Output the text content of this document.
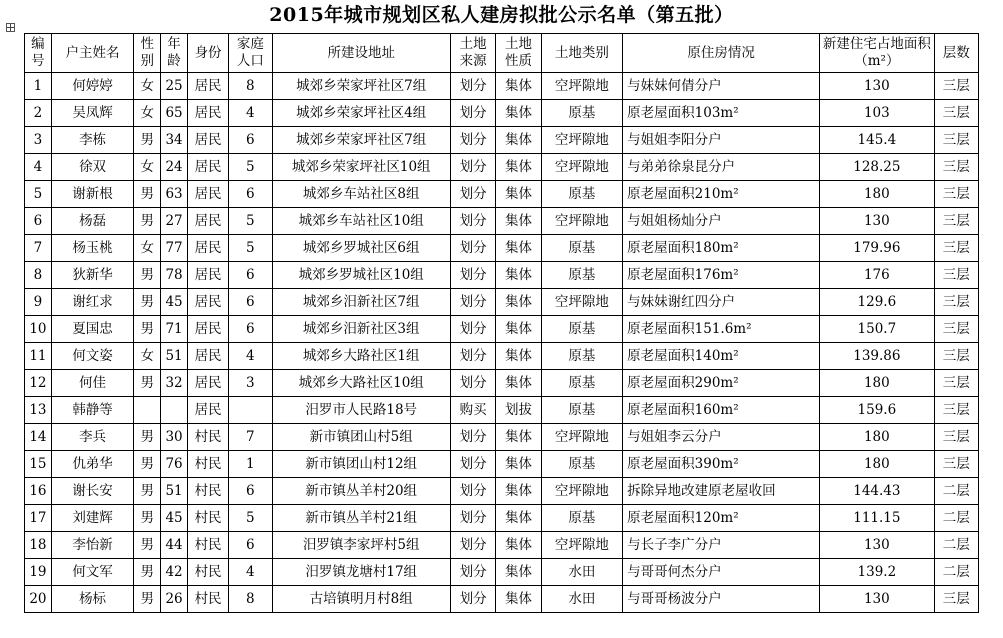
2015年城市规划区私人建房拟批公示名单（第五批）
编号	户主姓名	性别	年龄	身份	家庭人口	所建设地址	土地来源	土地性质	土地类别	原住房情况	新建住宅占地面积（m²）	层数
1	何婷婷	女	25	居民	8	城郊乡荣家坪社区7组	划分	集体	空坪隙地	与妹妹何倩分户	130	三层
2	吴凤辉	女	65	居民	4	城郊乡荣家坪社区4组	划分	集体	原基	原老屋面积103m²	103	三层
3	李栋	男	34	居民	6	城郊乡荣家坪社区7组	划分	集体	空坪隙地	与姐姐李阳分户	145.4	三层
4	徐双	女	24	居民	5	城郊乡荣家坪社区10组	划分	集体	空坪隙地	与弟弟徐泉昆分户	128.25	三层
5	谢新根	男	63	居民	6	城郊乡车站社区8组	划分	集体	原基	原老屋面积210m²	180	三层
6	杨磊	男	27	居民	5	城郊乡车站社区10组	划分	集体	空坪隙地	与姐姐杨灿分户	130	三层
7	杨玉桃	女	77	居民	5	城郊乡罗城社区6组	划分	集体	原基	原老屋面积180m²	179.96	三层
8	狄新华	男	78	居民	6	城郊乡罗城社区10组	划分	集体	原基	原老屋面积176m²	176	三层
9	谢红求	男	45	居民	6	城郊乡汨新社区7组	划分	集体	空坪隙地	与妹妹谢红四分户	129.6	三层
10	夏国忠	男	71	居民	6	城郊乡汨新社区3组	划分	集体	原基	原老屋面积151.6m²	150.7	三层
11	何文姿	女	51	居民	4	城郊乡大路社区1组	划分	集体	原基	原老屋面积140m²	139.86	三层
12	何佳	男	32	居民	3	城郊乡大路社区10组	划分	集体	原基	原老屋面积290m²	180	三层
13	韩静等			居民		汨罗市人民路18号	购买	划拔	原基	原老屋面积160m²	159.6	三层
14	李兵	男	30	村民	7	新市镇团山村5组	划分	集体	空坪隙地	与姐姐李云分户	180	三层
15	仇弟华	男	76	村民	1	新市镇团山村12组	划分	集体	原基	原老屋面积390m²	180	三层
16	谢长安	男	51	村民	6	新市镇丛羊村20组	划分	集体	空坪隙地	拆除异地改建原老屋收回	144.43	二层
17	刘建辉	男	45	村民	5	新市镇丛羊村21组	划分	集体	原基	原老屋面积120m²	111.15	二层
18	李怡新	男	44	村民	6	汨罗镇李家坪村5组	划分	集体	空坪隙地	与长子李广分户	130	二层
19	何文军	男	42	村民	4	汨罗镇龙塘村17组	划分	集体	水田	与哥哥何杰分户	139.2	二层
20	杨标	男	26	村民	8	古培镇明月村8组	划分	集体	水田	与哥哥杨波分户	130	三层
